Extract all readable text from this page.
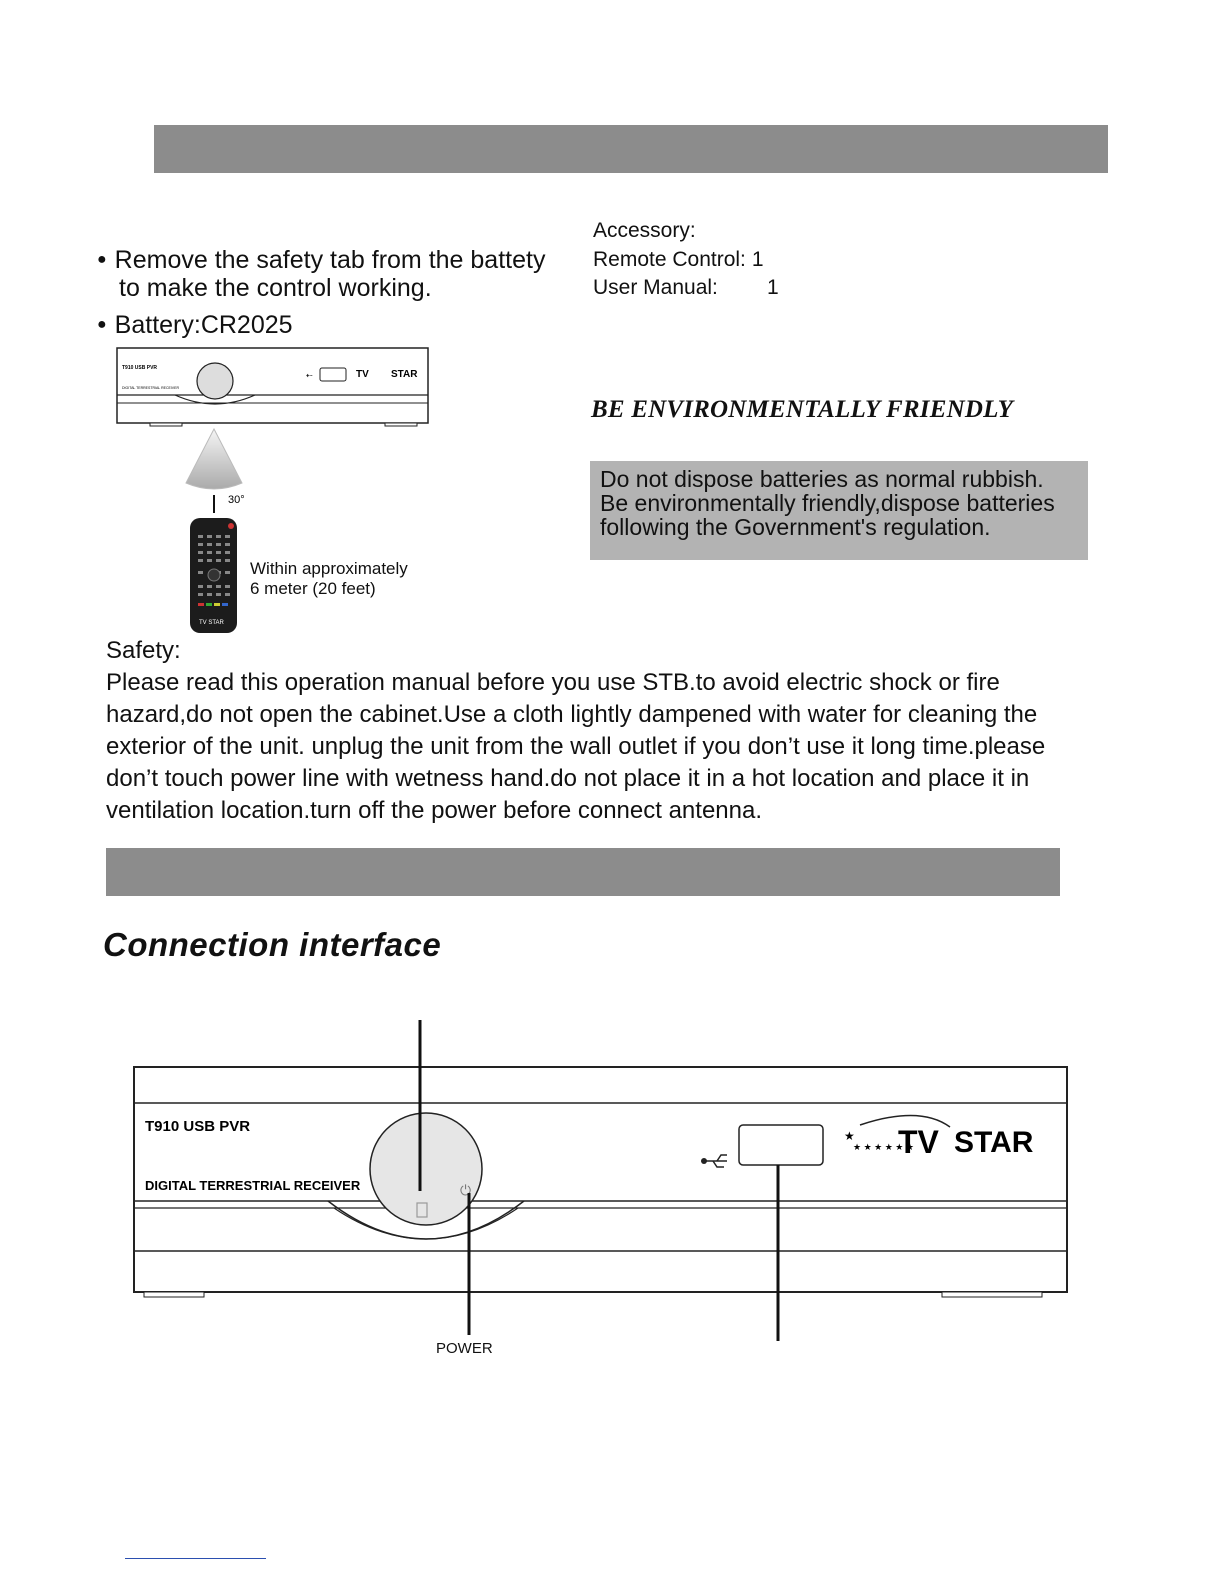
● Remove the safety tab from the battety
to make the control working.
● Battery:CR2025
Accessory:
Remote Control: 1
User Manual: 1
T910 USB PVR
DIGITAL TERRESTRIAL RECEIVER
⇠	TV STAR
30°
TV STAR
Within approximately
6 meter (20 feet)
BE ENVIRONMENTALLY FRIENDLY
Do not dispose batteries as normal rubbish.
Be environmentally friendly,dispose batteries
following the Government's regulation.
Safety:
Please read this operation manual before you use STB.to avoid electric shock or fire
hazard,do not open the cabinet.Use a cloth lightly dampened with water for cleaning the
exterior of the unit. unplug the unit from the wall outlet if you don’t use it long time.please
don’t touch power line with wetness hand.do not place it in a hot location and place it in
ventilation location.turn off the power before connect antenna.
Connection interface
⏻
T910 USB PVR
DIGITAL TERRESTRIAL RECEIVER
★
★ ★ ★ ★ ★ ★
TV STAR
POWER
